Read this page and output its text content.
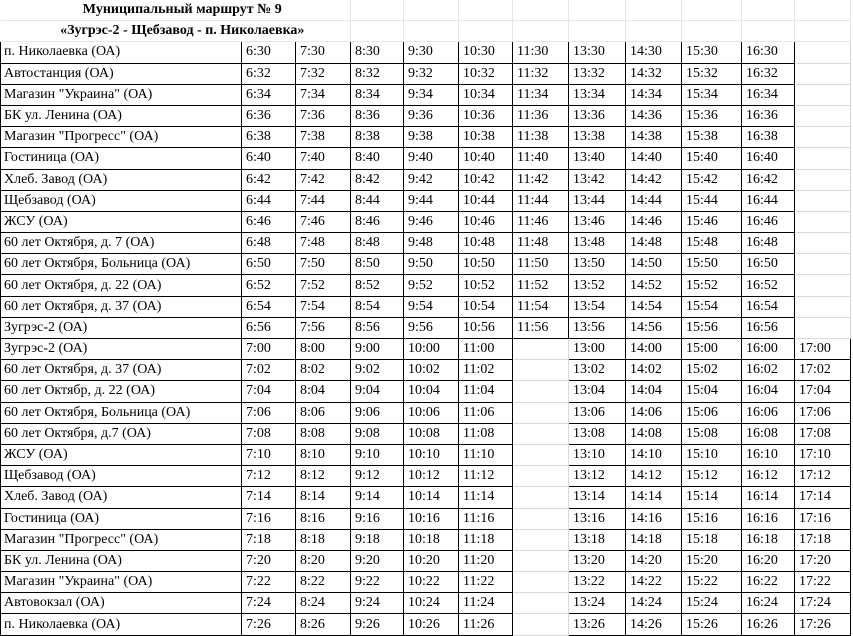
Муниципальный маршрут № 9											
«Зугрэс-2 - Щебзавод - п. Николаевка»											
п. Николаевка (ОА)	6:30	7:30	8:30	9:30	10:30	11:30	13:30	14:30	15:30	16:30	
Автостанция (ОА)	6:32	7:32	8:32	9:32	10:32	11:32	13:32	14:32	15:32	16:32	
Магазин "Украина" (ОА)	6:34	7:34	8:34	9:34	10:34	11:34	13:34	14:34	15:34	16:34	
БК ул. Ленина (ОА)	6:36	7:36	8:36	9:36	10:36	11:36	13:36	14:36	15:36	16:36	
Магазин "Прогресс" (ОА)	6:38	7:38	8:38	9:38	10:38	11:38	13:38	14:38	15:38	16:38	
Гостиница (ОА)	6:40	7:40	8:40	9:40	10:40	11:40	13:40	14:40	15:40	16:40	
Хлеб. Завод (ОА)	6:42	7:42	8:42	9:42	10:42	11:42	13:42	14:42	15:42	16:42	
Щебзавод (ОА)	6:44	7:44	8:44	9:44	10:44	11:44	13:44	14:44	15:44	16:44	
ЖСУ (ОА)	6:46	7:46	8:46	9:46	10:46	11:46	13:46	14:46	15:46	16:46	
60 лет Октября, д. 7 (ОА)	6:48	7:48	8:48	9:48	10:48	11:48	13:48	14:48	15:48	16:48	
60 лет Октября, Больница (ОА)	6:50	7:50	8:50	9:50	10:50	11:50	13:50	14:50	15:50	16:50	
60 лет Октября, д. 22 (ОА)	6:52	7:52	8:52	9:52	10:52	11:52	13:52	14:52	15:52	16:52	
60 лет Октября, д. 37 (ОА)	6:54	7:54	8:54	9:54	10:54	11:54	13:54	14:54	15:54	16:54	
Зугрэс-2 (ОА)	6:56	7:56	8:56	9:56	10:56	11:56	13:56	14:56	15:56	16:56	
Зугрэс-2 (ОА)	7:00	8:00	9:00	10:00	11:00		13:00	14:00	15:00	16:00	17:00
60 лет Октября, д. 37 (ОА)	7:02	8:02	9:02	10:02	11:02		13:02	14:02	15:02	16:02	17:02
60 лет Октябр, д. 22 (ОА)	7:04	8:04	9:04	10:04	11:04		13:04	14:04	15:04	16:04	17:04
60 лет Октября, Больница (ОА)	7:06	8:06	9:06	10:06	11:06		13:06	14:06	15:06	16:06	17:06
60 лет Октября, д.7 (ОА)	7:08	8:08	9:08	10:08	11:08		13:08	14:08	15:08	16:08	17:08
ЖСУ (ОА)	7:10	8:10	9:10	10:10	11:10		13:10	14:10	15:10	16:10	17:10
Щебзавод (ОА)	7:12	8:12	9:12	10:12	11:12		13:12	14:12	15:12	16:12	17:12
Хлеб. Завод (ОА)	7:14	8:14	9:14	10:14	11:14		13:14	14:14	15:14	16:14	17:14
Гостиница (ОА)	7:16	8:16	9:16	10:16	11:16		13:16	14:16	15:16	16:16	17:16
Магазин "Прогресс" (ОА)	7:18	8:18	9:18	10:18	11:18		13:18	14:18	15:18	16:18	17:18
БК ул. Ленина (ОА)	7:20	8:20	9:20	10:20	11:20		13:20	14:20	15:20	16:20	17:20
Магазин "Украина" (ОА)	7:22	8:22	9:22	10:22	11:22		13:22	14:22	15:22	16:22	17:22
Автовокзал (ОА)	7:24	8:24	9:24	10:24	11:24		13:24	14:24	15:24	16:24	17:24
п. Николаевка (ОА)	7:26	8:26	9:26	10:26	11:26		13:26	14:26	15:26	16:26	17:26
